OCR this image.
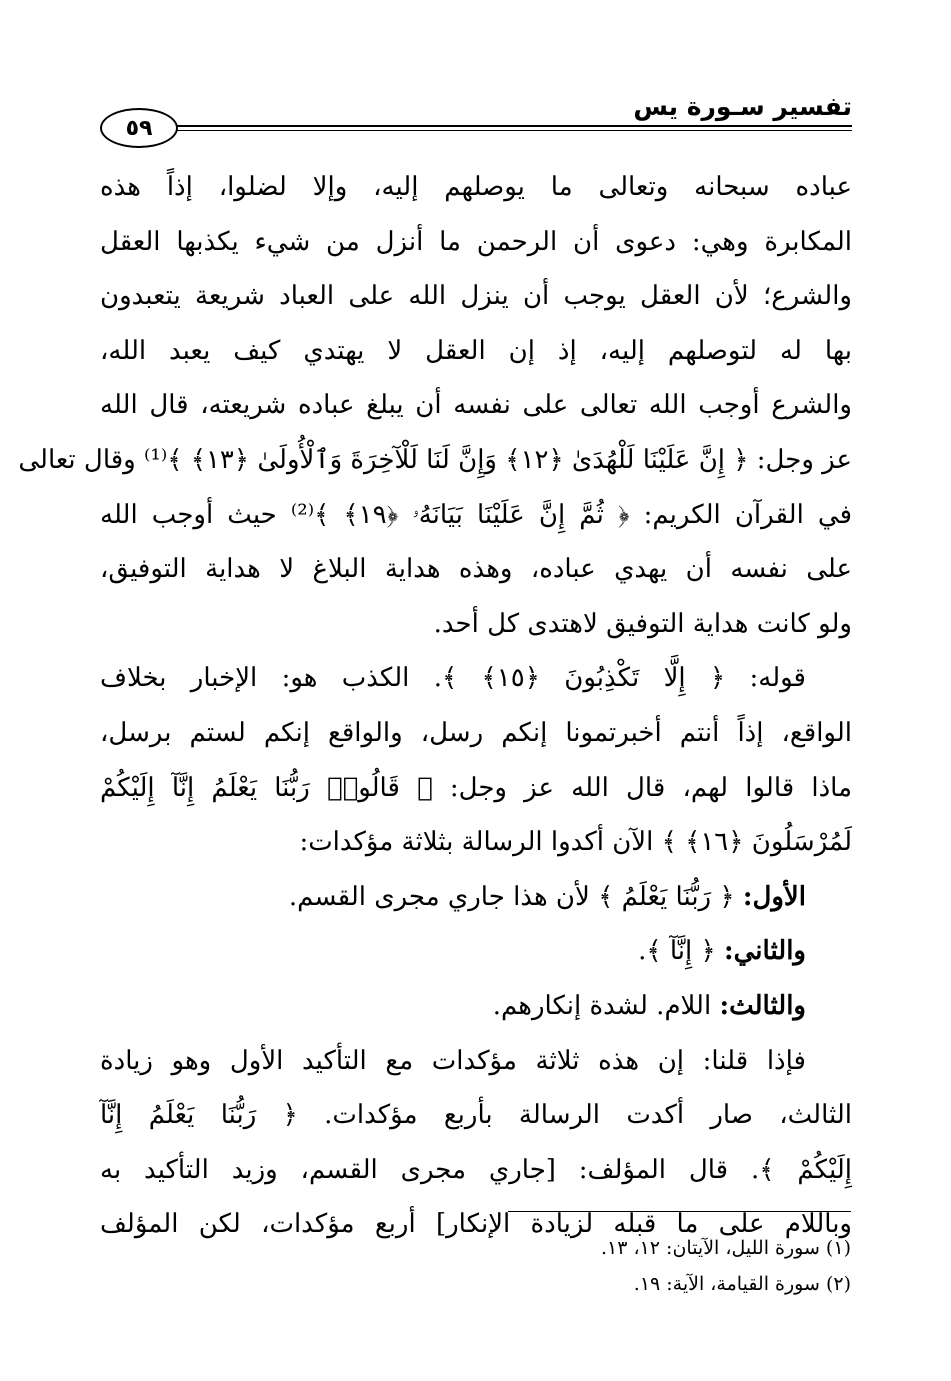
تفسير سـورة يس
٥٩
عباده سبحانه وتعالى ما يوصلهم إليه، وإلا لضلوا، إذاً هذه
المكابرة وهي: دعوى أن الرحمن ما أنزل من شيء يكذبها العقل
والشرع؛ لأن العقل يوجب أن ينزل الله على العباد شريعة يتعبدون
بها له لتوصلهم إليه، إذ إن العقل لا يهتدي كيف يعبد الله،
والشرع أوجب الله تعالى على نفسه أن يبلغ عباده شريعته، قال الله
عز وجل: ﴿ إِنَّ عَلَيْنَا لَلْهُدَىٰ ﴿١٢﴾ وَإِنَّ لَنَا لَلْآخِرَةَ وَٱلْأُولَىٰ ﴿١٣﴾ ﴾⁽¹⁾ وقال تعالى
في القرآن الكريم: ﴿ ثُمَّ إِنَّ عَلَيْنَا بَيَانَهُۥ ﴿١٩﴾ ﴾⁽²⁾ حيث أوجب الله
على نفسه أن يهدي عباده، وهذه هداية البلاغ لا هداية التوفيق،
ولو كانت هداية التوفيق لاهتدى كل أحد.
قوله: ﴿ إِلَّا تَكْذِبُونَ ﴿١٥﴾ ﴾. الكذب هو: الإخبار بخلاف
الواقع، إذاً أنتم أخبرتمونا إنكم رسل، والواقع إنكم لستم برسل،
ماذا قالوا لهم، قال الله عز وجل: ﴿ قَالُوا۟ رَبُّنَا يَعْلَمُ إِنَّآ إِلَيْكُمْ
لَمُرْسَلُونَ ﴿١٦﴾ ﴾ الآن أكدوا الرسالة بثلاثة مؤكدات:
الأول: ﴿ رَبُّنَا يَعْلَمُ ﴾ لأن هذا جاري مجرى القسم.
والثاني: ﴿ إِنَّآ ﴾.
والثالث: اللام. لشدة إنكارهم.
فإذا قلنا: إن هذه ثلاثة مؤكدات مع التأكيد الأول وهو زيادة
الثالث، صار أكدت الرسالة بأربع مؤكدات. ﴿ رَبُّنَا يَعْلَمُ إِنَّآ
إِلَيْكُمْ ﴾. قال المؤلف: [جاري مجرى القسم، وزيد التأكيد به
وباللام على ما قبله لزيادة الإنكار] أربع مؤكدات، لكن المؤلف
(١) سورة الليل، الآيتان: ١٢، ١٣.
(٢) سورة القيامة، الآية: ١٩.
